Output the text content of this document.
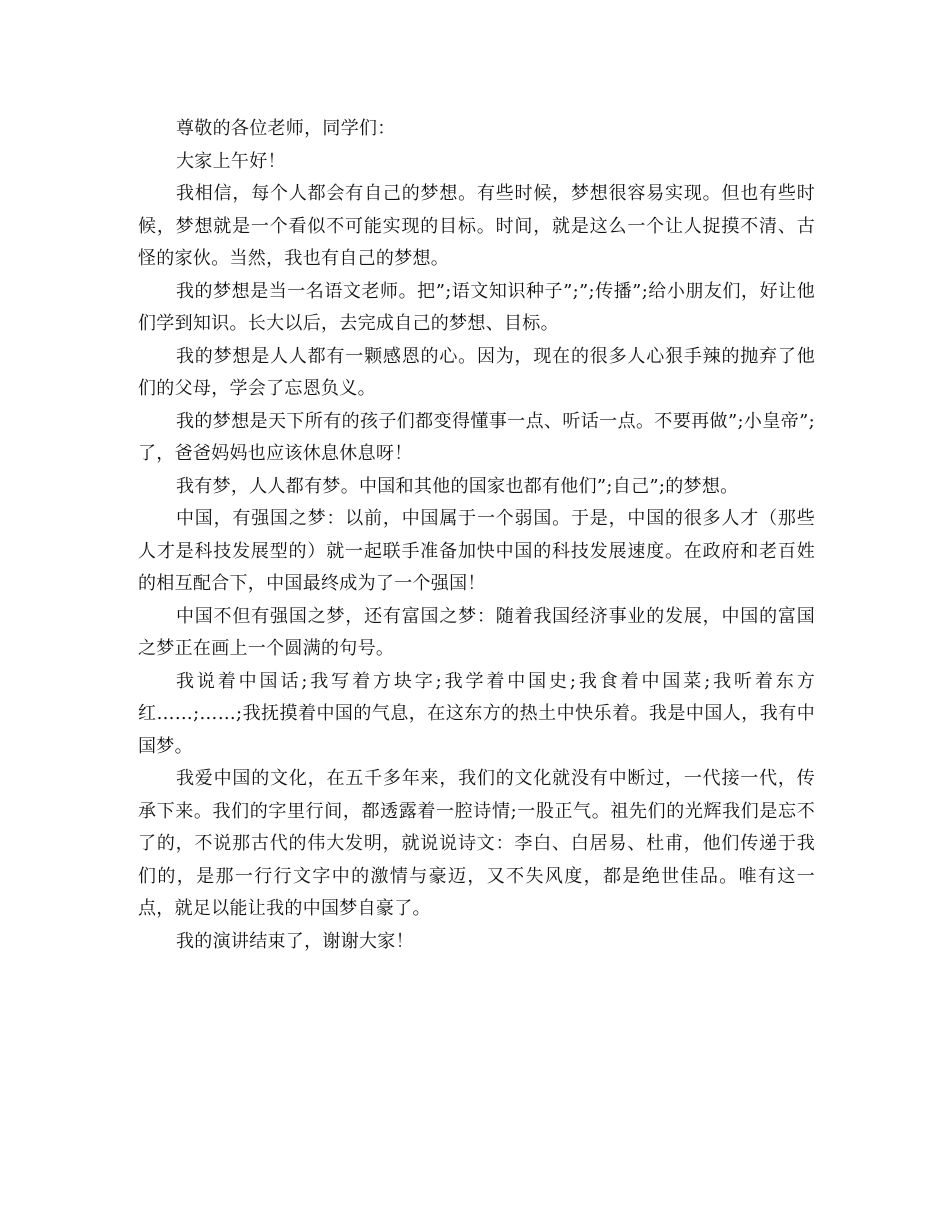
尊敬的各位老师，同学们：

大家上午好！

我相信，每个人都会有自己的梦想。有些时候，梦想很容易实现。但也有些时候，梦想就是一个看似不可能实现的目标。时间，就是这么一个让人捉摸不清、古怪的家伙。当然，我也有自己的梦想。

我的梦想是当一名语文老师。把”;语文知识种子”;”;传播”;给小朋友们，好让他们学到知识。长大以后，去完成自己的梦想、目标。

我的梦想是人人都有一颗感恩的心。因为，现在的很多人心狠手辣的抛弃了他们的父母，学会了忘恩负义。

我的梦想是天下所有的孩子们都变得懂事一点、听话一点。不要再做”;小皇帝”;了，爸爸妈妈也应该休息休息呀！

我有梦，人人都有梦。中国和其他的国家也都有他们”;自己”;的梦想。

中国，有强国之梦：以前，中国属于一个弱国。于是，中国的很多人才（那些人才是科技发展型的）就一起联手准备加快中国的科技发展速度。在政府和老百姓的相互配合下，中国最终成为了一个强国！

中国不但有强国之梦，还有富国之梦：随着我国经济事业的发展，中国的富国之梦正在画上一个圆满的句号。

我说着中国话;我写着方块字;我学着中国史;我食着中国菜;我听着东方红……;……;我抚摸着中国的气息，在这东方的热土中快乐着。我是中国人，我有中国梦。

我爱中国的文化，在五千多年来，我们的文化就没有中断过，一代接一代，传承下来。我们的字里行间，都透露着一腔诗情;一股正气。祖先们的光辉我们是忘不了的，不说那古代的伟大发明，就说说诗文：李白、白居易、杜甫，他们传递于我们的，是那一行行文字中的激情与豪迈，又不失风度，都是绝世佳品。唯有这一点，就足以能让我的中国梦自豪了。

我的演讲结束了，谢谢大家！
